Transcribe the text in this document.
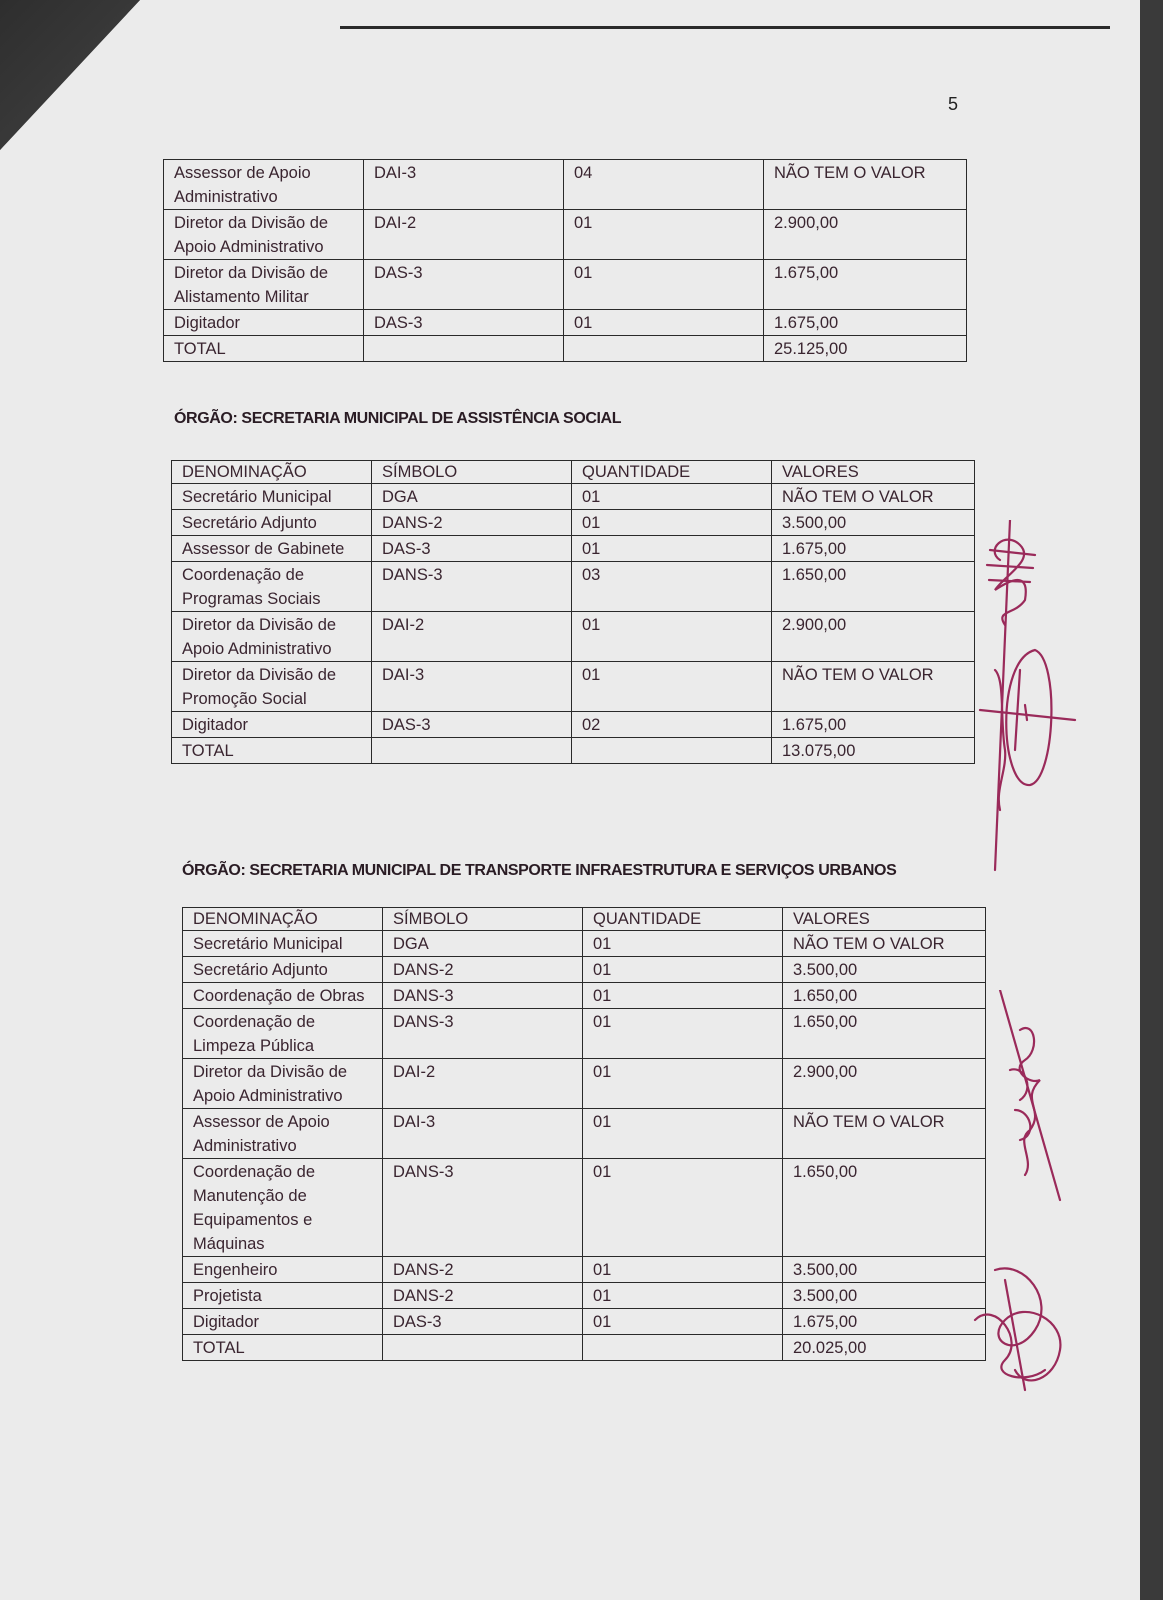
5
Assessor de Apoio Administrativo	DAI-3	04	NÃO TEM O VALOR
Diretor da Divisão de Apoio Administrativo	DAI-2	01	2.900,00
Diretor da Divisão de Alistamento Militar	DAS-3	01	1.675,00
Digitador	DAS-3	01	1.675,00
TOTAL			25.125,00
ÓRGÃO: SECRETARIA MUNICIPAL DE ASSISTÊNCIA SOCIAL
DENOMINAÇÃO	SÍMBOLO	QUANTIDADE	VALORES
Secretário Municipal	DGA	01	NÃO TEM O VALOR
Secretário Adjunto	DANS-2	01	3.500,00
Assessor de Gabinete	DAS-3	01	1.675,00
Coordenação de Programas Sociais	DANS-3	03	1.650,00
Diretor da Divisão de Apoio Administrativo	DAI-2	01	2.900,00
Diretor da Divisão de Promoção Social	DAI-3	01	NÃO TEM O VALOR
Digitador	DAS-3	02	1.675,00
TOTAL			13.075,00
ÓRGÃO: SECRETARIA MUNICIPAL DE TRANSPORTE INFRAESTRUTURA E SERVIÇOS URBANOS
DENOMINAÇÃO	SÍMBOLO	QUANTIDADE	VALORES
Secretário Municipal	DGA	01	NÃO TEM O VALOR
Secretário Adjunto	DANS-2	01	3.500,00
Coordenação de Obras	DANS-3	01	1.650,00
Coordenação de Limpeza Pública	DANS-3	01	1.650,00
Diretor da Divisão de Apoio Administrativo	DAI-2	01	2.900,00
Assessor de Apoio Administrativo	DAI-3	01	NÃO TEM O VALOR
Coordenação de Manutenção de Equipamentos e Máquinas	DANS-3	01	1.650,00
Engenheiro	DANS-2	01	3.500,00
Projetista	DANS-2	01	3.500,00
Digitador	DAS-3	01	1.675,00
TOTAL			20.025,00
